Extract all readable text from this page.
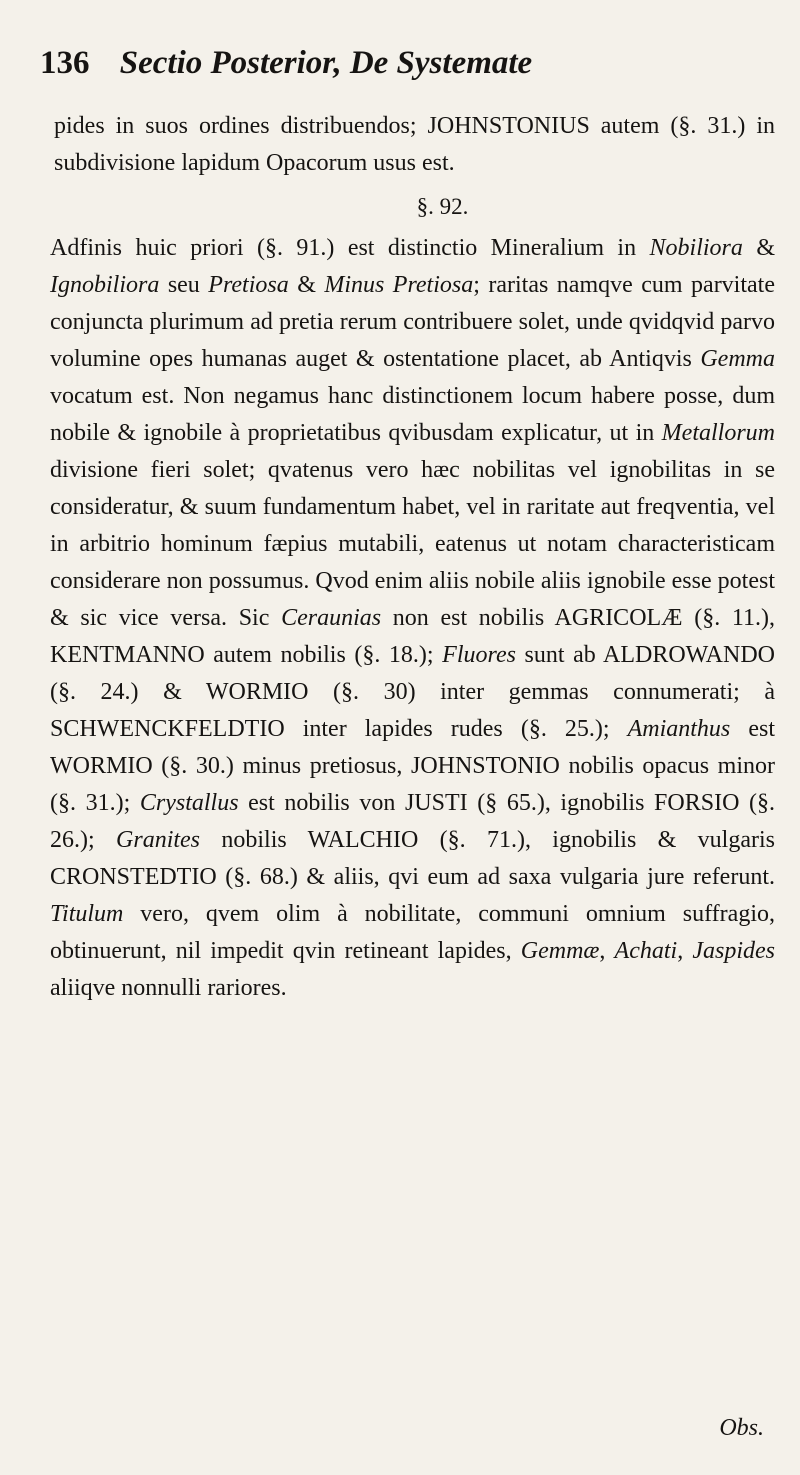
136 Sectio Posterior, De Systemate

pides in suos ordines distribuendos; JOHNSTONIUS autem (§. 31.) in subdivisione lapidum Opacorum usus est.

§. 92.

Adfinis huic priori (§. 91.) est distinctio Mineralium in Nobiliora & Ignobiliora seu Pretiosa & Minus Pretiosa; raritas namqve cum parvitate conjuncta plurimum ad pretia rerum contribuere solet, unde qvidqvid parvo volumine opes humanas auget & ostentatione placet, ab Antiqvis Gemma vocatum est. Non negamus hanc distinctionem locum habere posse, dum nobile & ignobile à proprietatibus qvibusdam explicatur, ut in Metallorum divisione fieri solet; qvatenus vero hæc nobilitas vel ignobilitas in se consideratur, & suum fundamentum habet, vel in raritate aut freqventia, vel in arbitrio hominum fæpius mutabili, eatenus ut notam characteristicam considerare non possumus. Qvod enim aliis nobile aliis ignobile esse potest & sic vice versa. Sic Ceraunias non est nobilis AGRICOLÆ (§. 11.), KENTMANNO autem nobilis (§. 18.); Fluores sunt ab ALDROWANDO (§. 24.) & WORMIO (§. 30) inter gemmas connumerati; à SCHWENCKFELDTIO inter lapides rudes (§. 25.); Amianthus est WORMIO (§. 30.) minus pretiosus, JOHNSTONIO nobilis opacus minor (§. 31.); Crystallus est nobilis von JUSTI (§ 65.), ignobilis FORSIO (§. 26.); Granites nobilis WALCHIO (§. 71.), ignobilis & vulgaris CRONSTEDTIO (§. 68.) & aliis, qvi eum ad saxa vulgaria jure referunt. Titulum vero, qvem olim à nobilitate, communi omnium suffragio, obtinuerunt, nil impedit qvin retineant lapides, Gemmæ, Achati, Jaspides aliiqve nonnulli rariores.

Obs.
